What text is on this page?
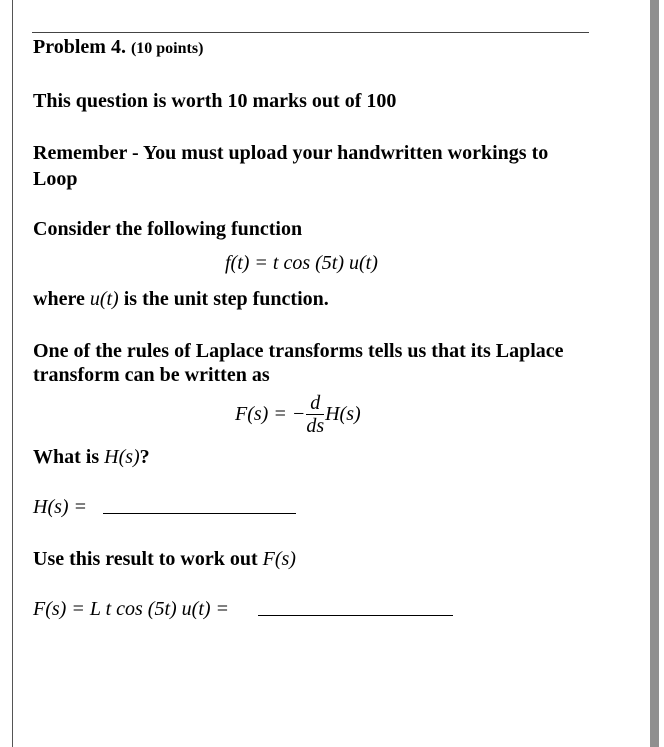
Problem 4. (10 points)
This question is worth 10 marks out of 100
Remember - You must upload your handwritten workings to
Loop
Consider the following function
f(t) = t cos (5t) u(t)
where u(t) is the unit step function.
One of the rules of Laplace transforms tells us that its Laplace
transform can be written as
F(s) = − $\frac{d}{ds} H(s)$
What is H(s)?
H(s) =
Use this result to work out F(s)
F(s) = L t cos (5t) u(t) =
